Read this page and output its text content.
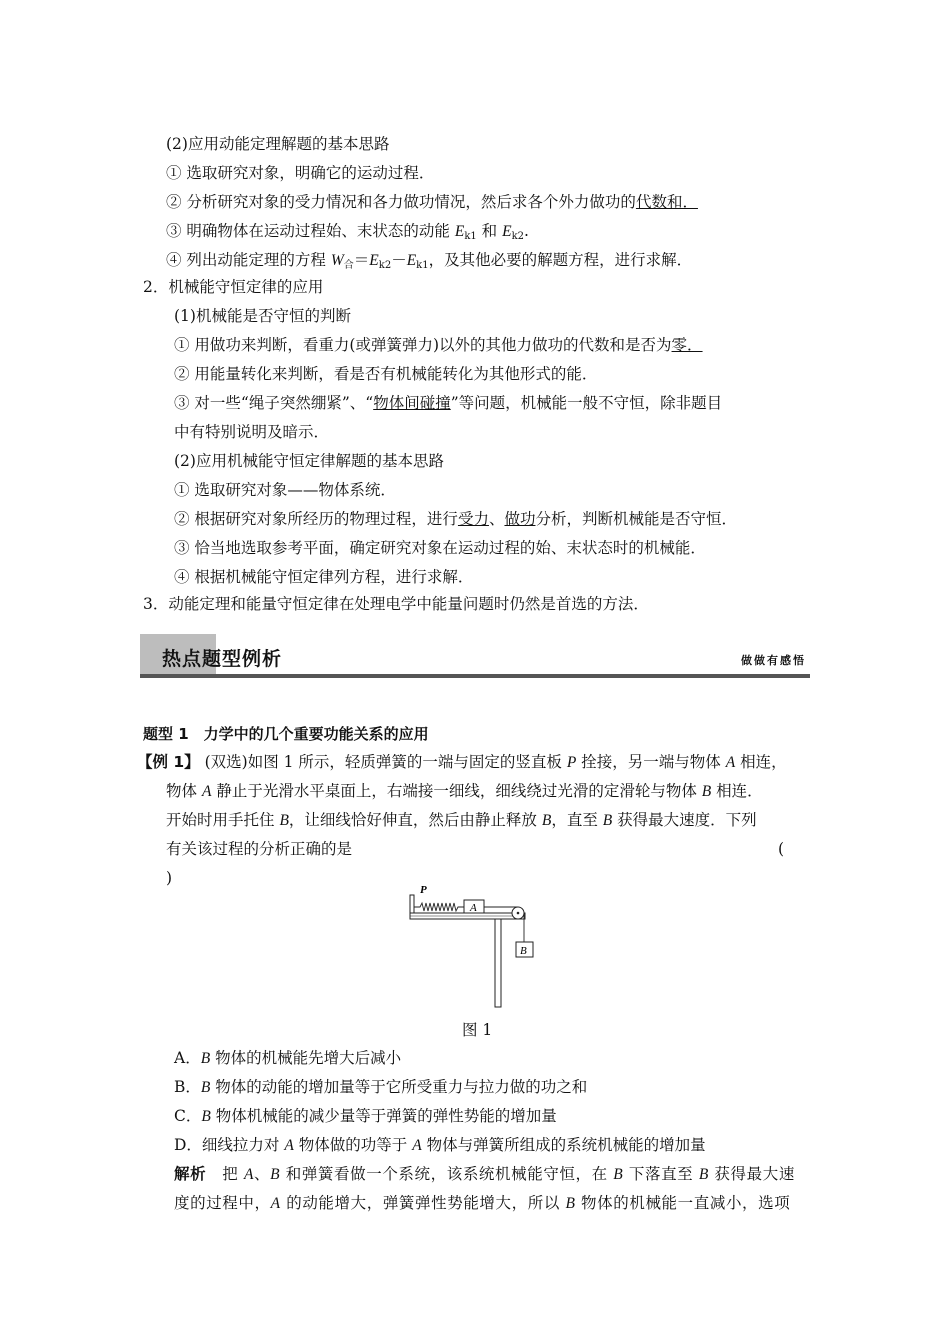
(2)应用动能定理解题的基本思路
① 选取研究对象，明确它的运动过程．
② 分析研究对象的受力情况和各力做功情况，然后求各个外力做功的代数和．
③ 明确物体在运动过程始、末状态的动能 $E_{k1}$ 和 $E_{k2}$.
④ 列出动能定理的方程 $W_合=E_{k2}-E_{k1}$，及其他必要的解题方程，进行求解．
2．机械能守恒定律的应用
(1)机械能是否守恒的判断
① 用做功来判断，看重力(或弹簧弹力)以外的其他力做功的代数和是否为零．
② 用能量转化来判断，看是否有机械能转化为其他形式的能．
③ 对一些“绳子突然绷紧”、“物体间碰撞”等问题，机械能一般不守恒，除非题目
中有特别说明及暗示．
(2)应用机械能守恒定律解题的基本思路
① 选取研究对象——物体系统．
② 根据研究对象所经历的物理过程，进行受力、做功分析，判断机械能是否守恒．
③ 恰当地选取参考平面，确定研究对象在运动过程的始、末状态时的机械能．
④ 根据机械能守恒定律列方程，进行求解．
3．动能定理和能量守恒定律在处理电学中能量问题时仍然是首选的方法．
热点题型例析	做做有感悟
题型 1　力学中的几个重要功能关系的应用
【例 1】 (双选)如图 1 所示，轻质弹簧的一端与固定的竖直板 P 拴接，另一端与物体 A 相连，
物体 A 静止于光滑水平桌面上，右端接一细线，细线绕过光滑的定滑轮与物体 B 相连．
开始时用手托住 B，让细线恰好伸直，然后由静止释放 B，直至 B 获得最大速度．下列
有关该过程的分析正确的是	(
)
A
B
P
图 1
A．B 物体的机械能先增大后减小
B．B 物体的动能的增加量等于它所受重力与拉力做的功之和
C．B 物体机械能的减少量等于弹簧的弹性势能的增加量
D．细线拉力对 A 物体做的功等于 A 物体与弹簧所组成的系统机械能的增加量
解析　把 A、B 和弹簧看做一个系统，该系统机械能守恒，在 B 下落直至 B 获得最大速
度的过程中，A 的动能增大，弹簧弹性势能增大，所以 B 物体的机械能一直减小，选项
